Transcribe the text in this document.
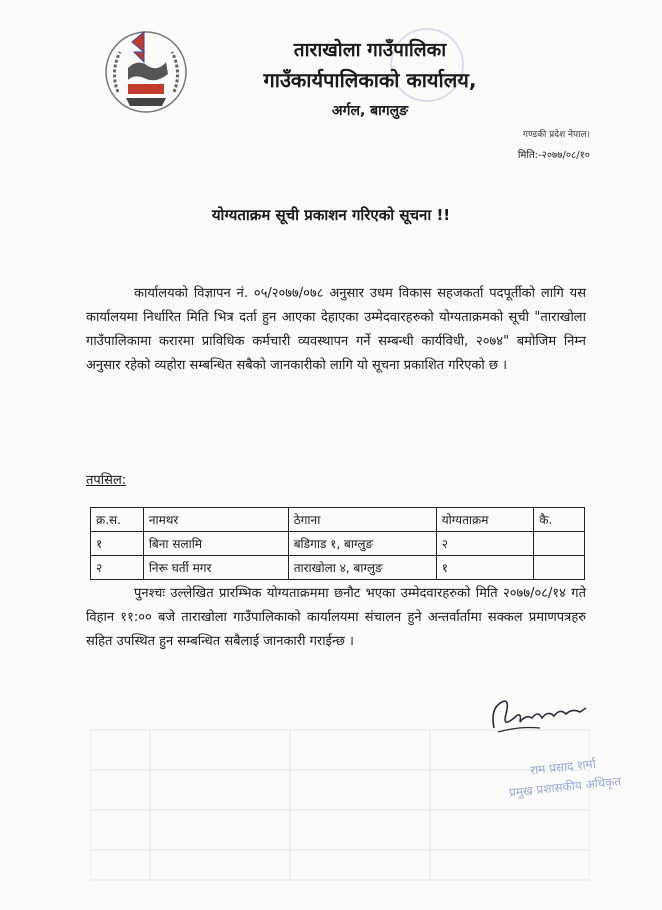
ताराखोला गाउँपालिका
गाउँकार्यपालिकाको कार्यालय,
अर्गल, बागलुङ
गण्डकी प्रदेश नेपाल।
मिति:-२०७७/०८/१०
योग्यताक्रम सूची प्रकाशन गरिएको सूचना !!
कार्यालयको विज्ञापन नं. ०५/२०७७/०७८ अनुसार उधम विकास सहजकर्ता पदपूर्तीको लागि यस कार्यालयमा निर्धारित मिति भित्र दर्ता हुन आएका देहाएका उम्मेदवारहरुको योग्यताक्रमको सूची "ताराखोला गाउँपालिकामा करारमा प्राविधिक कर्मचारी व्यवस्थापन गर्ने सम्बन्धी कार्यविधी, २०७४" बमोजिम निम्न अनुसार रहेको व्यहोरा सम्बन्धित सबैको जानकारीको लागि यो सूचना प्रकाशित गरिएको छ ।
तपसिल:
क्र.स.	नामथर	ठेगाना	योग्यताक्रम	कै.
१	बिना सलामि	बडिगाड १, बाग्लुङ	२	
२	निरू घर्ती मगर	ताराखोला ४, बाग्लुङ	१	
पुनश्चः उल्लेखित प्रारम्भिक योग्यताक्रममा छनौट भएका उम्मेदवारहरुको मिति २०७७/०८/१४ गते विहान ११:०० बजे ताराखोला गाउँपालिकाको कार्यालयमा संचालन हुने अन्तर्वार्तामा सक्कल प्रमाणपत्रहरु सहित उपस्थित हुन सम्बन्धित सबैलाई जानकारी गराईन्छ ।
राम प्रसाद शर्मा
प्रमुख प्रशासकीय अधिकृत
